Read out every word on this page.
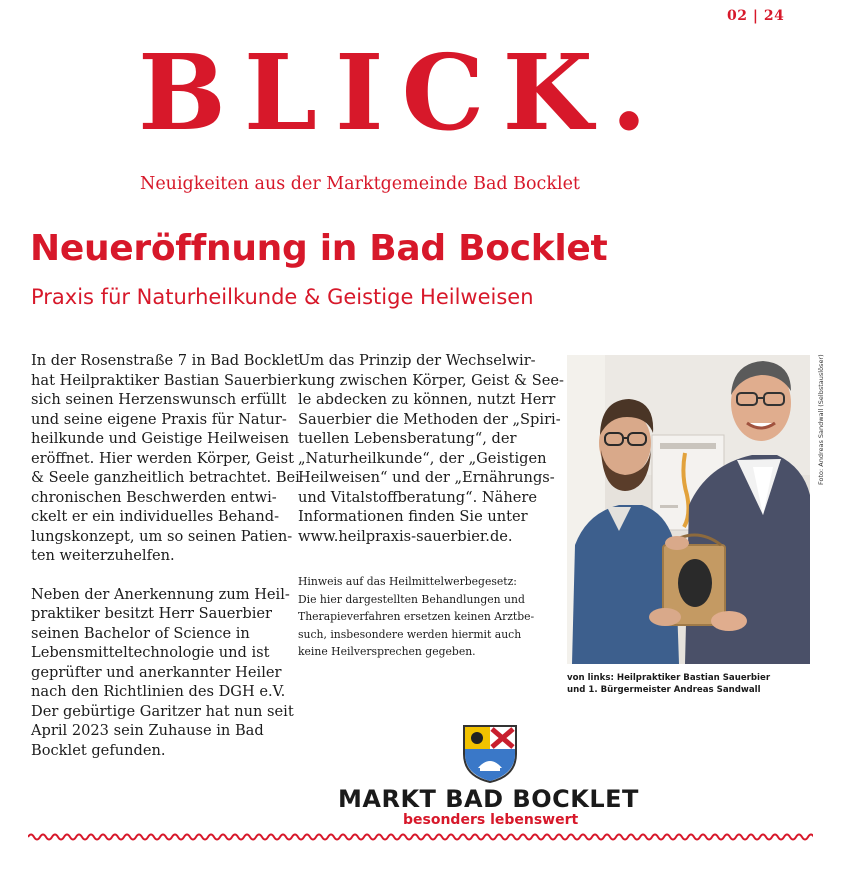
02 | 24
BLICK.
Neuigkeiten aus der Marktgemeinde Bad Bocklet
Neueröffnung in Bad Bocklet
Praxis für Naturheilkunde & Geistige Heilweisen

In der Rosenstraße 7 in Bad Bocklet
hat Heilpraktiker Bastian Sauerbier
sich seinen Herzenswunsch erfüllt
und seine eigene Praxis für Natur-
heilkunde und Geistige Heilweisen
eröffnet. Hier werden Körper, Geist
& Seele ganzheitlich betrachtet. Bei
chronischen Beschwerden entwi-
ckelt er ein individuelles Behand-
lungskonzept, um so seinen Patien-
ten weiterzuhelfen.

Neben der Anerkennung zum Heil-
praktiker besitzt Herr Sauerbier
seinen Bachelor of Science in
Lebensmitteltechnologie und ist
geprüfter und anerkannter Heiler
nach den Richtlinien des DGH e.V.
Der gebürtige Garitzer hat nun seit
April 2023 sein Zuhause in Bad
Bocklet gefunden.

Um das Prinzip der Wechselwir-
kung zwischen Körper, Geist & See-
le abdecken zu können, nutzt Herr
Sauerbier die Methoden der „Spiri-
tuellen Lebensberatung“, der
„Naturheilkunde“, der „Geistigen
Heilweisen“ und der „Ernährungs-
und Vitalstoffberatung“. Nähere
Informationen finden Sie unter
www.heilpraxis-sauerbier.de.

Hinweis auf das Heilmittelwerbegesetz:
Die hier dargestellten Behandlungen und
Therapieverfahren ersetzen keinen Arztbe-
such, insbesondere werden hiermit auch
keine Heilversprechen gegeben.
Foto: Andreas Sandwall (Selbstauslöser)
von links: Heilpraktiker Bastian Sauerbier
und 1. Bürgermeister Andreas Sandwall
MARKT BAD BOCKLET
besonders lebenswert
